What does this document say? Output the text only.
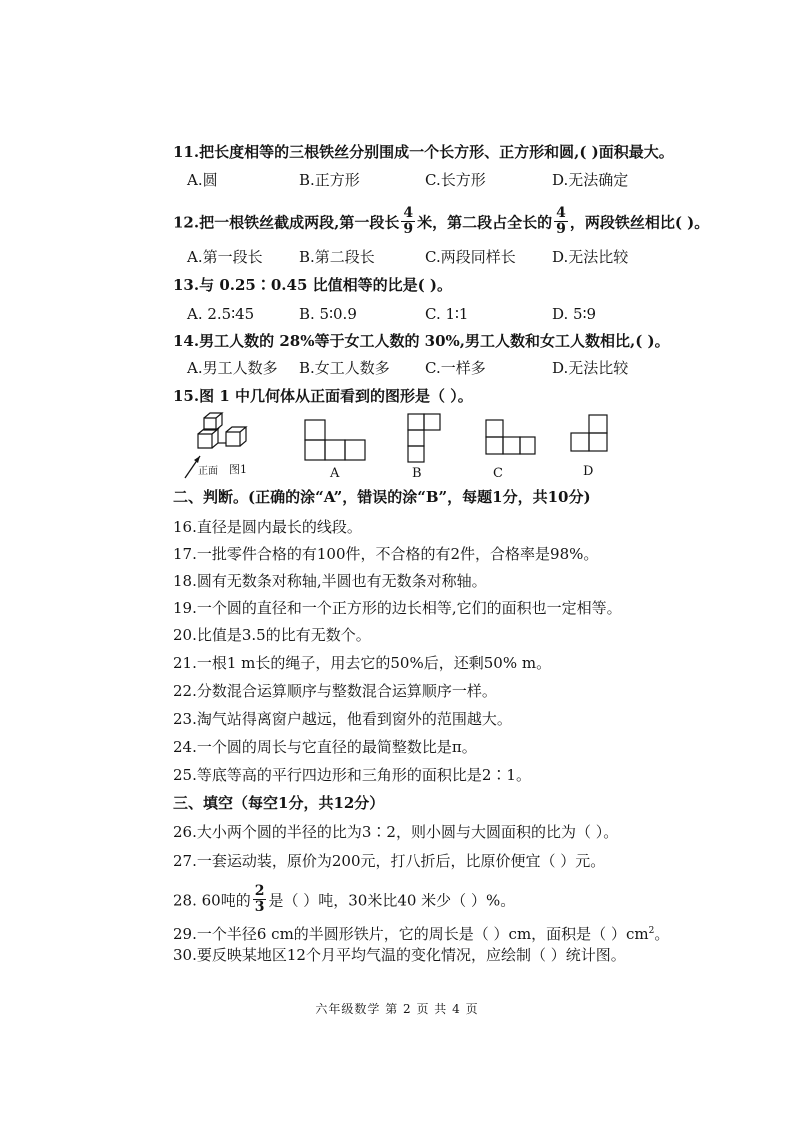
11.把长度相等的三根铁丝分别围成一个长方形、正方形和圆,( )面积最大。
A.圆	B.正方形	C.长方形	D.无法确定
12.把一根铁丝截成两段,第一段长 $\frac{4}{9}$ 米，第二段占全长的 $\frac{4}{9}$ ，两段铁丝相比( )。
A.第一段长 B.第二段长	C.两段同样长 D.无法比较
13.与 0.25∶0.45 比值相等的比是( )。
A. 2.5∶45	B. 5∶0.9	C. 1∶1	D. 5∶9
14.男工人数的 28%等于女工人数的 30%,男工人数和女工人数相比,( )。
A.男工人数多 B.女工人数多 C.一样多	D.无法比较
15.图 1 中几何体从正面看到的图形是（ ）。
正面 图1	A	B	C	D
二、判断。(正确的涂“A”，错误的涂“B”，每题1分，共10分)
16.直径是圆内最长的线段。
17.一批零件合格的有100件，不合格的有2件，合格率是98%。
18.圆有无数条对称轴,半圆也有无数条对称轴。
19.一个圆的直径和一个正方形的边长相等,它们的面积也一定相等。
20.比值是3.5的比有无数个。
21.一根1 m长的绳子，用去它的50%后，还剩50% m。
22.分数混合运算顺序与整数混合运算顺序一样。
23.淘气站得离窗户越远，他看到窗外的范围越大。
24.一个圆的周长与它直径的最简整数比是π。
25.等底等高的平行四边形和三角形的面积比是2∶1。
三、填空（每空1分，共12分）
26.大小两个圆的半径的比为3∶2，则小圆与大圆面积的比为（ ）。
27.一套运动装，原价为200元，打八折后，比原价便宜（ ）元。
28. 60吨的 $\frac{2}{3}$ 是（ ）吨，30米比40 米少（ ）%。
29.一个半径6 cm的半圆形铁片，它的周长是（ ）cm，面积是（ ）$cm^2$。
30.要反映某地区12个月平均气温的变化情况，应绘制（ ）统计图。
六年级数学 第 2 页 共 4 页
